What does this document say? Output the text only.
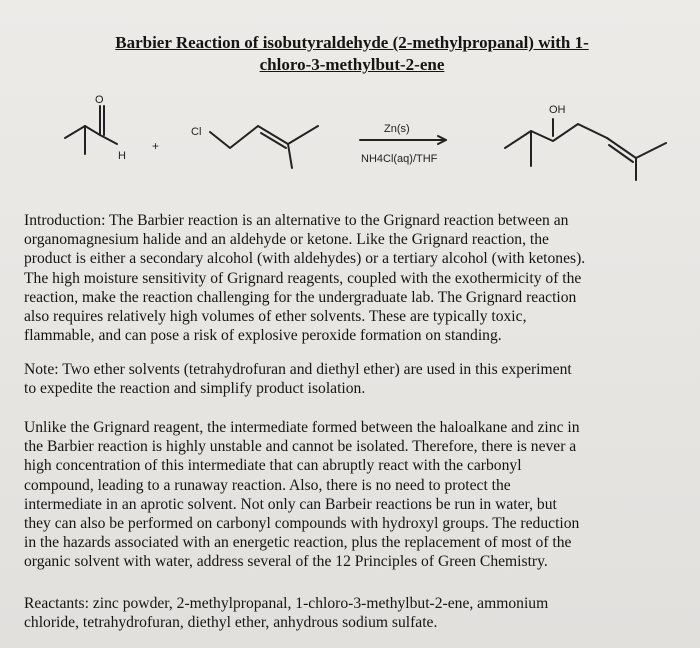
Barbier Reaction of isobutyraldehyde (2-methylpropanal) with 1-
chloro-3-methylbut-2-ene
O
H
+
Cl	Zn(s)
NH4Cl(aq)/THF
OH
Introduction: The Barbier reaction is an alternative to the Grignard reaction between an
organomagnesium halide and an aldehyde or ketone. Like the Grignard reaction, the
product is either a secondary alcohol (with aldehydes) or a tertiary alcohol (with ketones).
The high moisture sensitivity of Grignard reagents, coupled with the exothermicity of the
reaction, make the reaction challenging for the undergraduate lab. The Grignard reaction
also requires relatively high volumes of ether solvents. These are typically toxic,
flammable, and can pose a risk of explosive peroxide formation on standing.
Note: Two ether solvents (tetrahydrofuran and diethyl ether) are used in this experiment
to expedite the reaction and simplify product isolation.
Unlike the Grignard reagent, the intermediate formed between the haloalkane and zinc in
the Barbier reaction is highly unstable and cannot be isolated. Therefore, there is never a
high concentration of this intermediate that can abruptly react with the carbonyl
compound, leading to a runaway reaction. Also, there is no need to protect the
intermediate in an aprotic solvent. Not only can Barbeir reactions be run in water, but
they can also be performed on carbonyl compounds with hydroxyl groups. The reduction
in the hazards associated with an energetic reaction, plus the replacement of most of the
organic solvent with water, address several of the 12 Principles of Green Chemistry.
Reactants: zinc powder, 2-methylpropanal, 1-chloro-3-methylbut-2-ene, ammonium
chloride, tetrahydrofuran, diethyl ether, anhydrous sodium sulfate.
